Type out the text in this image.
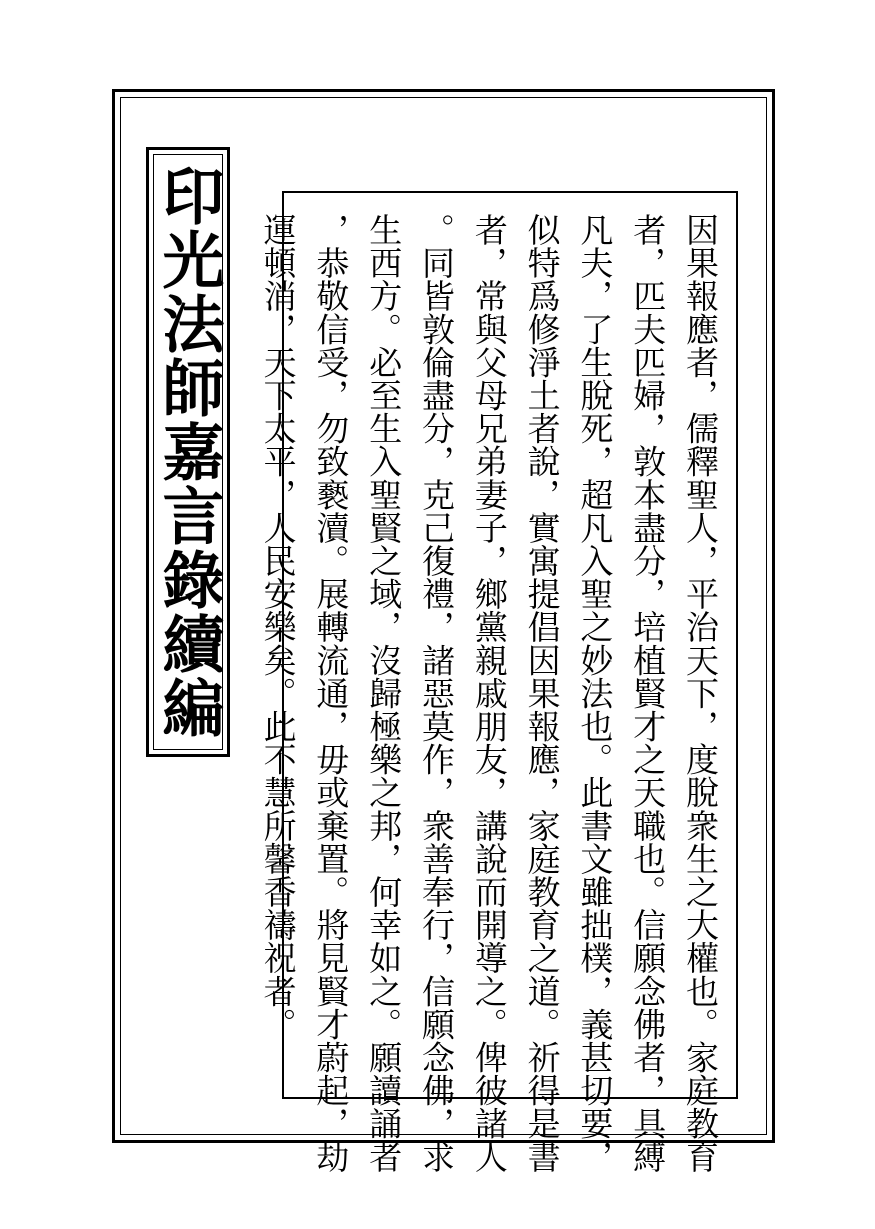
印光法師嘉言錄續編	因果報應者，儒釋聖人，平治天下，度脫衆生之大權也。家庭教育
者，匹夫匹婦，敦本盡分，培植賢才之天職也。信願念佛者，具縛
凡夫，了生脫死，超凡入聖之妙法也。此書文雖拙樸，義甚切要，
似特爲修淨土者說，實寓提倡因果報應，家庭教育之道。祈得是書
者，常與父母兄弟妻子，鄉黨親戚朋友，講說而開導之。俾彼諸人
。同皆敦倫盡分，克己復禮，諸惡莫作，衆善奉行，信願念佛，求
生西方。必至生入聖賢之域，沒歸極樂之邦，何幸如之。願讀誦者
，恭敬信受，勿致褻瀆。展轉流通，毋或棄置。將見賢才蔚起，劫
運頓消，天下太平，人民安樂矣。此不慧所馨香禱祝者。
